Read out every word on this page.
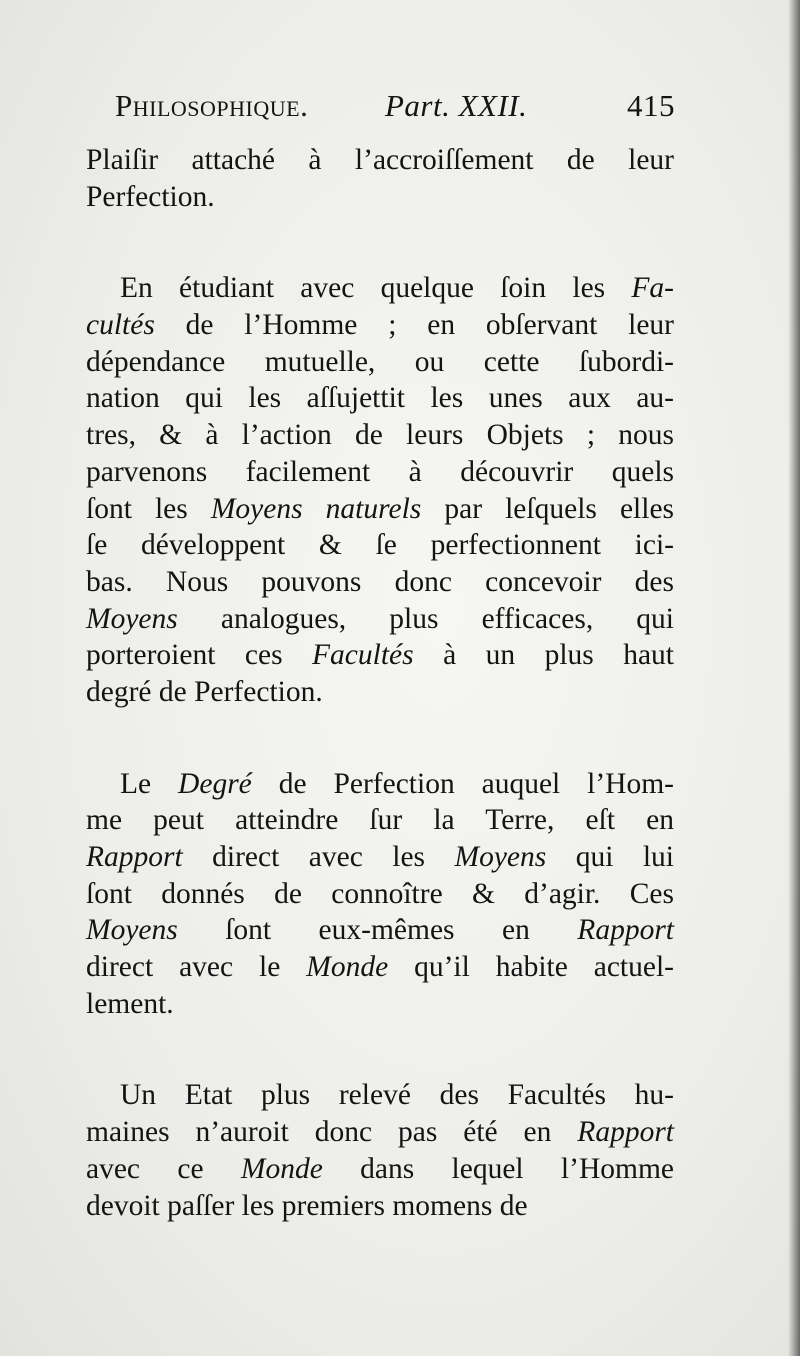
Philosophique. Part. XXII.	415
Plaiſir attaché à l’accroiſſement de leur
Perfection.
En étudiant avec quelque ſoin les Fa-
cultés de l’Homme ; en obſervant leur
dépendance mutuelle, ou cette ſubordi-
nation qui les aſſujettit les unes aux au-
tres, & à l’action de leurs Objets ; nous
parvenons facilement à découvrir quels
ſont les Moyens naturels par leſquels elles
ſe développent & ſe perfectionnent ici-
bas. Nous pouvons donc concevoir des
Moyens analogues, plus efficaces, qui
porteroient ces Facultés à un plus haut
degré de Perfection.
Le Degré de Perfection auquel l’Hom-
me peut atteindre ſur la Terre, eſt en
Rapport direct avec les Moyens qui lui
ſont donnés de connoître & d’agir. Ces
Moyens ſont eux-mêmes en Rapport
direct avec le Monde qu’il habite actuel-
lement.
Un Etat plus relevé des Facultés hu-
maines n’auroit donc pas été en Rapport
avec ce Monde dans lequel l’Homme
devoit paſſer les premiers momens de
